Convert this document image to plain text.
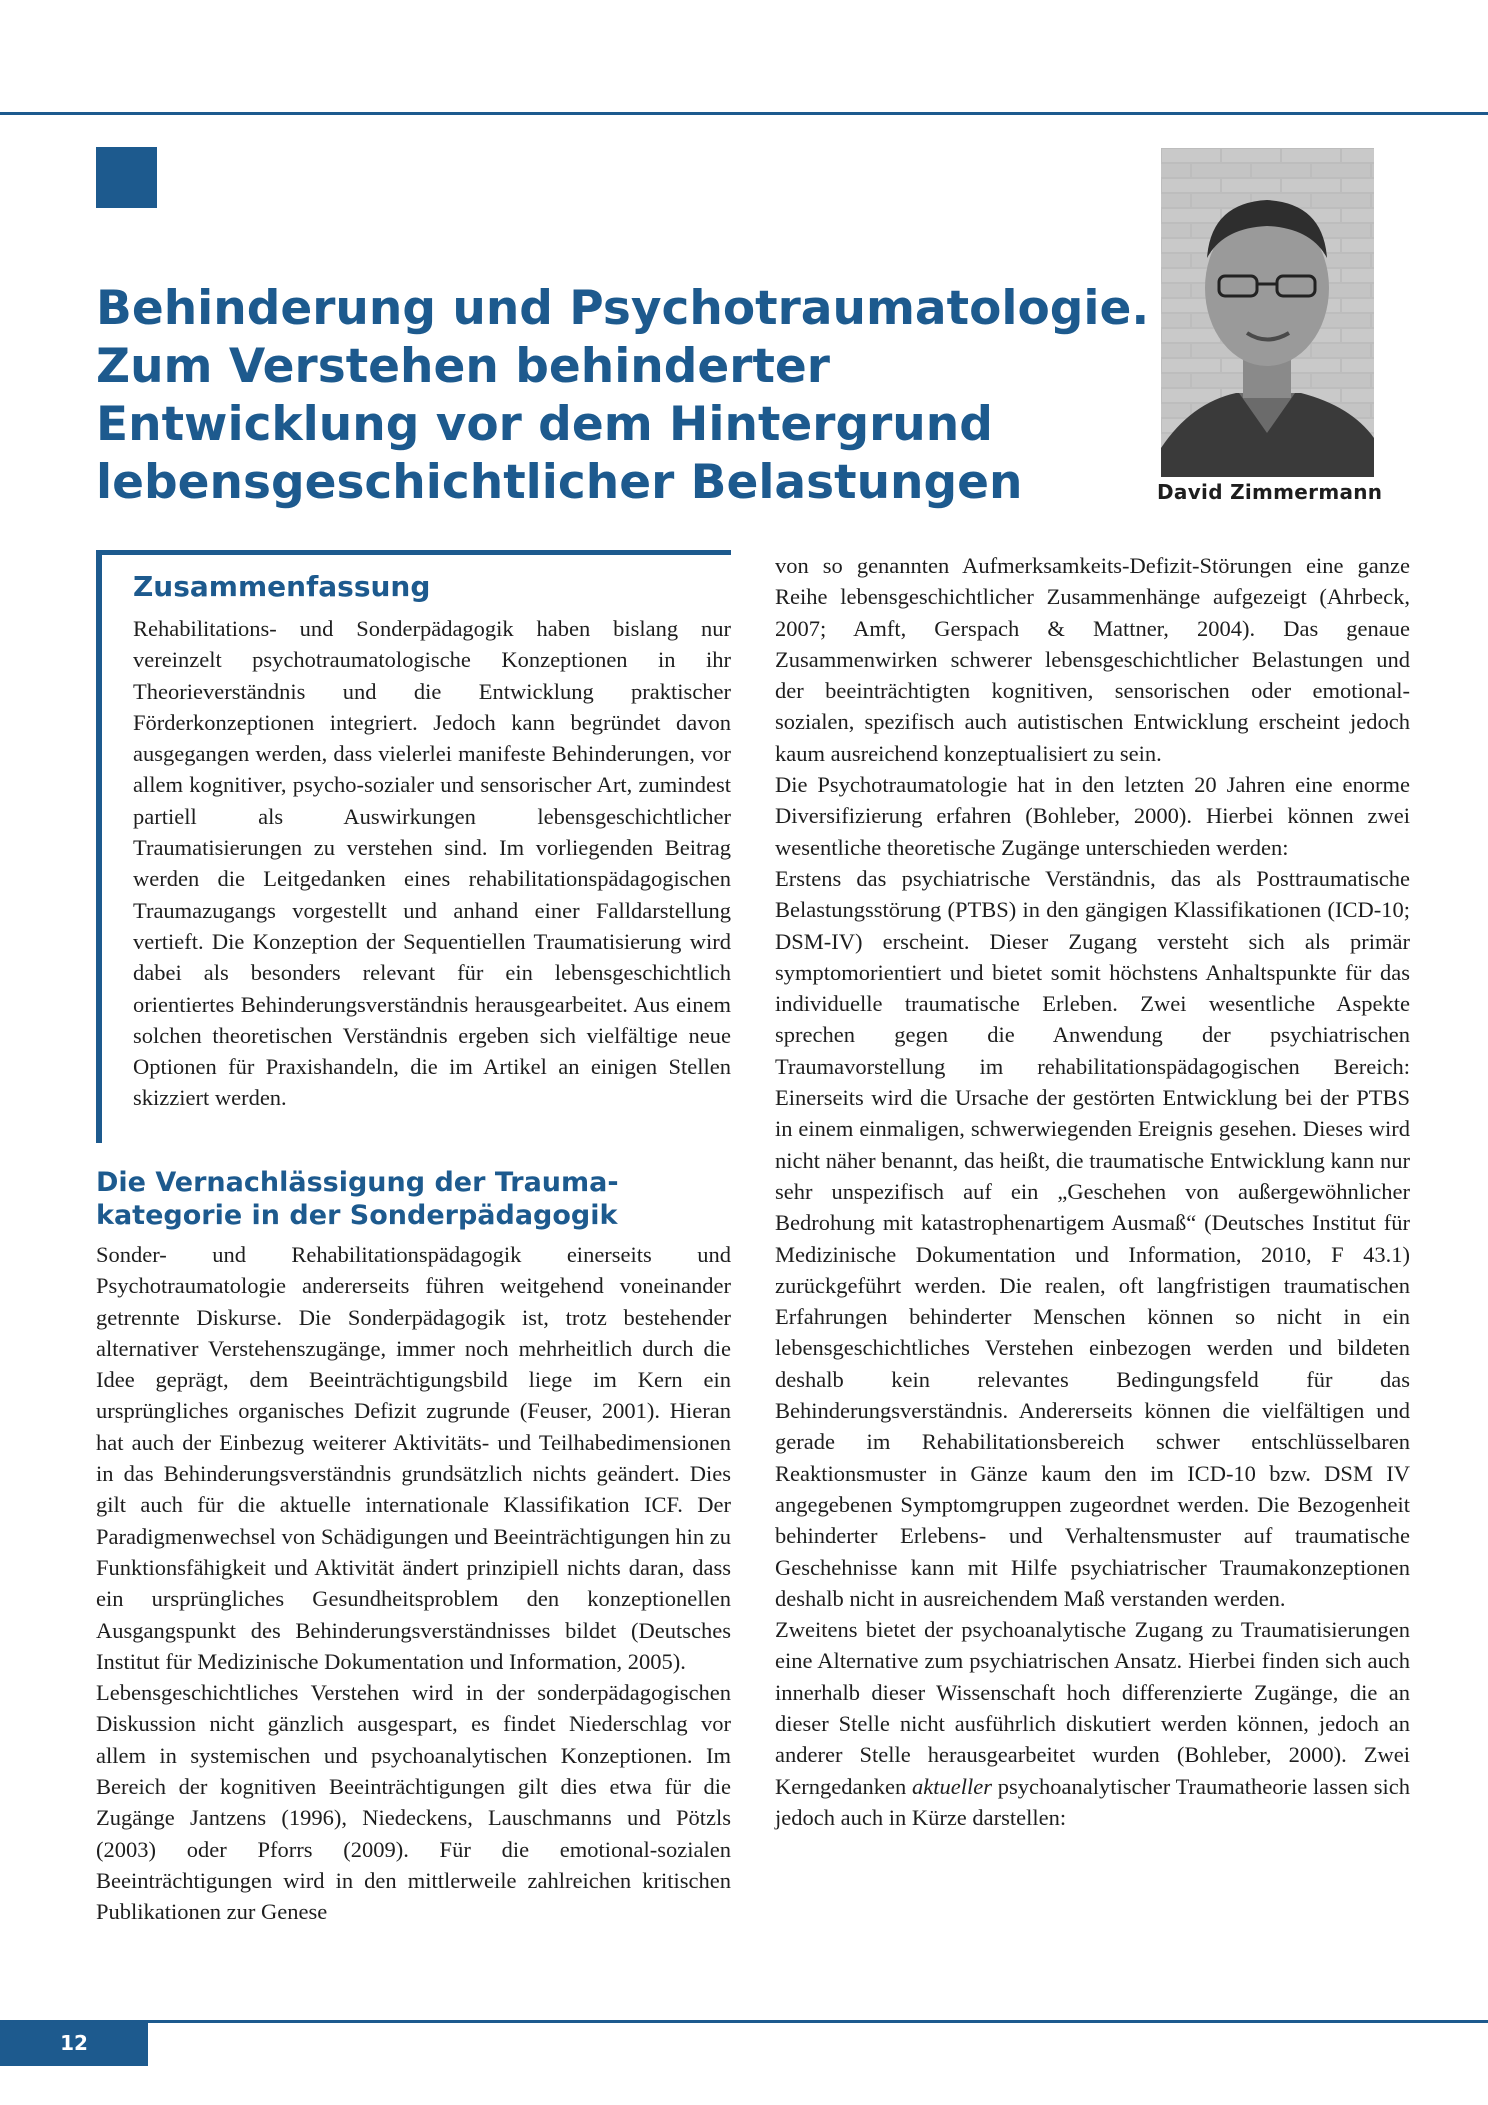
Behinderung und Psychotraumatologie.
Zum Verstehen behinderter
Entwicklung vor dem Hintergrund
lebensgeschichtlicher Belastungen	David Zimmermann
Zusammenfassung

Rehabilitations- und Sonderpädagogik haben bislang nur vereinzelt psychotraumatologische Konzeptionen in ihr Theorieverständnis und die Entwicklung praktischer Förderkonzeptionen integriert. Jedoch kann begründet davon ausgegangen werden, dass vielerlei manifeste Behinderungen, vor allem kognitiver, psycho-sozialer und sensorischer Art, zumindest partiell als Auswirkungen lebensgeschichtlicher Traumatisierungen zu verstehen sind. Im vorliegenden Beitrag werden die Leitgedanken eines rehabilitationspädagogischen Traumazugangs vorgestellt und anhand einer Falldarstellung vertieft. Die Konzeption der Sequentiellen Traumatisierung wird dabei als besonders relevant für ein lebensgeschichtlich orientiertes Behinderungsverständnis herausgearbeitet. Aus einem solchen theoretischen Verständnis ergeben sich vielfältige neue Optionen für Praxishandeln, die im Artikel an einigen Stellen skizziert werden.

Die Vernachlässigung der Trauma-
kategorie in der Sonderpädagogik

Sonder- und Rehabilitationspädagogik einerseits und Psychotraumatologie andererseits führen weitgehend voneinander getrennte Diskurse. Die Sonderpädagogik ist, trotz bestehender alternativer Verstehenszugänge, immer noch mehrheitlich durch die Idee geprägt, dem Beeinträchtigungsbild liege im Kern ein ursprüngliches organisches Defizit zugrunde (Feuser, 2001). Hieran hat auch der Einbezug weiterer Aktivitäts- und Teilhabedimensionen in das Behinderungsverständnis grundsätzlich nichts geändert. Dies gilt auch für die aktuelle internationale Klassifikation ICF. Der Paradigmenwechsel von Schädigungen und Beeinträchtigungen hin zu Funktionsfähigkeit und Aktivität ändert prinzipiell nichts daran, dass ein ursprüngliches Gesundheitsproblem den konzeptionellen Ausgangspunkt des Behinderungsverständnisses bildet (Deutsches Institut für Medizinische Dokumentation und Information, 2005).

Lebensgeschichtliches Verstehen wird in der sonderpädagogischen Diskussion nicht gänzlich ausgespart, es findet Niederschlag vor allem in systemischen und psychoanalytischen Konzeptionen. Im Bereich der kognitiven Beeinträchtigungen gilt dies etwa für die Zugänge Jantzens (1996), Niedeckens, Lauschmanns und Pötzls (2003) oder Pforrs (2009). Für die emotional-sozialen Beeinträchtigungen wird in den mittlerweile zahlreichen kritischen Publikationen zur Genese

von so genannten Aufmerksamkeits-Defizit-Störungen eine ganze Reihe lebensgeschichtlicher Zusammenhänge aufgezeigt (Ahrbeck, 2007; Amft, Gerspach & Mattner, 2004). Das genaue Zusammenwirken schwerer lebensgeschichtlicher Belastungen und der beeinträchtigten kognitiven, sensorischen oder emotional-sozialen, spezifisch auch autistischen Entwicklung erscheint jedoch kaum ausreichend konzeptualisiert zu sein.

Die Psychotraumatologie hat in den letzten 20 Jahren eine enorme Diversifizierung erfahren (Bohleber, 2000). Hierbei können zwei wesentliche theoretische Zugänge unterschieden werden:

Erstens das psychiatrische Verständnis, das als Posttraumatische Belastungsstörung (PTBS) in den gängigen Klassifikationen (ICD-10; DSM-IV) erscheint. Dieser Zugang versteht sich als primär symptomorientiert und bietet somit höchstens Anhaltspunkte für das individuelle traumatische Erleben. Zwei wesentliche Aspekte sprechen gegen die Anwendung der psychiatrischen Traumavorstellung im rehabilitationspädagogischen Bereich: Einerseits wird die Ursache der gestörten Entwicklung bei der PTBS in einem einmaligen, schwerwiegenden Ereignis gesehen. Dieses wird nicht näher benannt, das heißt, die traumatische Entwicklung kann nur sehr unspezifisch auf ein „Geschehen von außergewöhnlicher Bedrohung mit katastrophenartigem Ausmaß“ (Deutsches Institut für Medizinische Dokumentation und Information, 2010, F 43.1) zurückgeführt werden. Die realen, oft langfristigen traumatischen Erfahrungen behinderter Menschen können so nicht in ein lebensgeschichtliches Verstehen einbezogen werden und bildeten deshalb kein relevantes Bedingungsfeld für das Behinderungsverständnis. Andererseits können die vielfältigen und gerade im Rehabilitationsbereich schwer entschlüsselbaren Reaktionsmuster in Gänze kaum den im ICD-10 bzw. DSM IV angegebenen Symptomgruppen zugeordnet werden. Die Bezogenheit behinderter Erlebens- und Verhaltensmuster auf traumatische Geschehnisse kann mit Hilfe psychiatrischer Traumakonzeptionen deshalb nicht in ausreichendem Maß verstanden werden.

Zweitens bietet der psychoanalytische Zugang zu Traumatisierungen eine Alternative zum psychiatrischen Ansatz. Hierbei finden sich auch innerhalb dieser Wissenschaft hoch differenzierte Zugänge, die an dieser Stelle nicht ausführlich diskutiert werden können, jedoch an anderer Stelle herausgearbeitet wurden (Bohleber, 2000). Zwei Kerngedanken aktueller psychoanalytischer Traumatheorie lassen sich jedoch auch in Kürze darstellen:

12
